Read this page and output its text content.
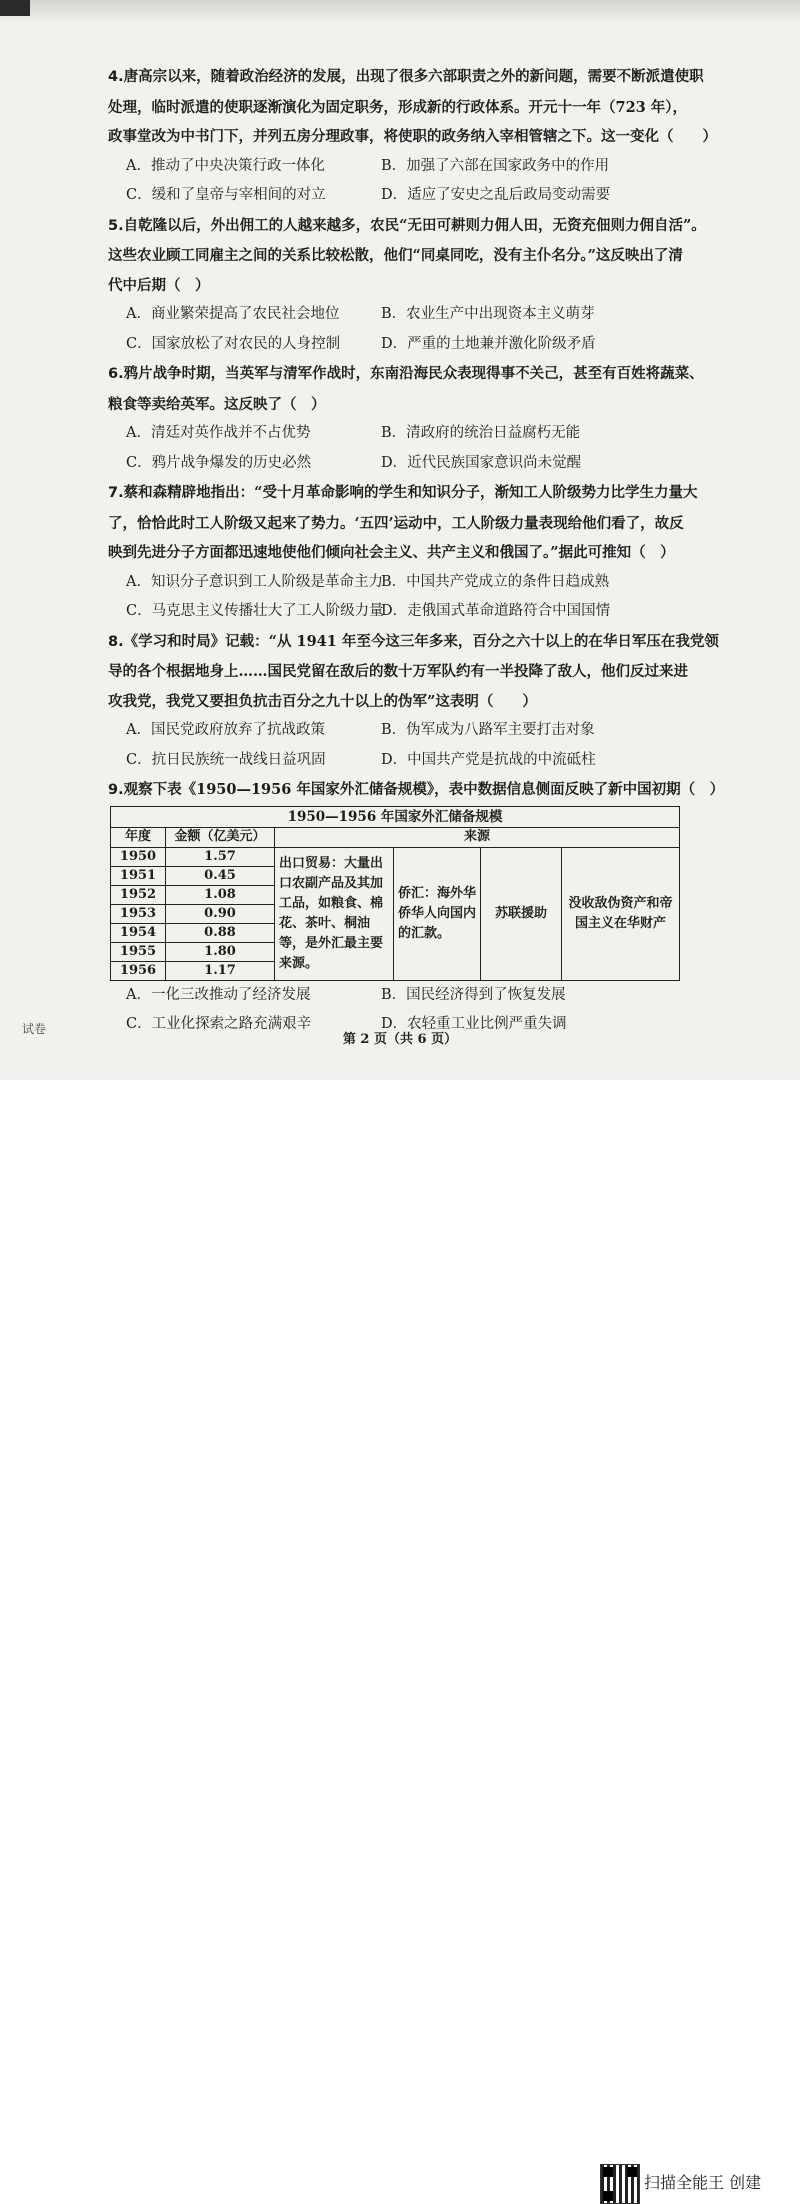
4.唐高宗以来，随着政治经济的发展，出现了很多六部职责之外的新问题，需要不断派遣使职

处理，临时派遣的使职逐渐演化为固定职务，形成新的行政体系。开元十一年（723 年），

政事堂改为中书门下，并列五房分理政事，将使职的政务纳入宰相管辖之下。这一变化（　　）

A．推动了中央决策行政一体化	B．加强了六部在国家政务中的作用
C．缓和了皇帝与宰相间的对立	D．适应了安史之乱后政局变动需要

5.自乾隆以后，外出佣工的人越来越多，农民“无田可耕则力佣人田，无资充佃则力佣自活”。

这些农业顾工同雇主之间的关系比较松散，他们“同桌同吃，没有主仆名分。”这反映出了清

代中后期（　）

A．商业繁荣提高了农民社会地位	B．农业生产中出现资本主义萌芽
C．国家放松了对农民的人身控制	D．严重的土地兼并激化阶级矛盾

6.鸦片战争时期，当英军与清军作战时，东南沿海民众表现得事不关己，甚至有百姓将蔬菜、

粮食等卖给英军。这反映了（　）

A．清廷对英作战并不占优势	B．清政府的统治日益腐朽无能
C．鸦片战争爆发的历史必然	D．近代民族国家意识尚未觉醒

7.蔡和森精辟地指出：“受十月革命影响的学生和知识分子，渐知工人阶级势力比学生力量大

了，恰恰此时工人阶级又起来了势力。‘五四’运动中，工人阶级力量表现给他们看了，故反

映到先进分子方面都迅速地使他们倾向社会主义、共产主义和俄国了。”据此可推知（　）

A．知识分子意识到工人阶级是革命主力
B．中国共产党成立的条件日趋成熟
C．马克思主义传播壮大了工人阶级力量
D．走俄国式革命道路符合中国国情

8.《学习和时局》记载：“从 1941 年至今这三年多来，百分之六十以上的在华日军压在我党领

导的各个根据地身上……国民党留在敌后的数十万军队约有一半投降了敌人，他们反过来进

攻我党，我党又要担负抗击百分之九十以上的伪军”这表明（　　）

A．国民党政府放弃了抗战政策	B．伪军成为八路军主要打击对象
C．抗日民族统一战线日益巩固	D．中国共产党是抗战的中流砥柱

9.观察下表《1950—1956 年国家外汇储备规模》，表中数据信息侧面反映了新中国初期（　）

1950—1956 年国家外汇储备规模					
年度	金额（亿美元）	来源			
1950	1.57	出口贸易：大量出口农副产品及其加工品，如粮食、棉花、茶叶、桐油等，是外汇最主要来源。	侨汇：海外华侨华人向国内的汇款。	苏联援助	没收敌伪资产和帝国主义在华财产
1951	0.45				
1952	1.08				
1953	0.90				
1954	0.88				
1955	1.80				
1956	1.17				
A．一化三改推动了经济发展	B．国民经济得到了恢复发展
C．工业化探索之路充满艰辛	D．农轻重工业比例严重失调
试卷
第 2 页（共 6 页）
扫描全能王 创建
